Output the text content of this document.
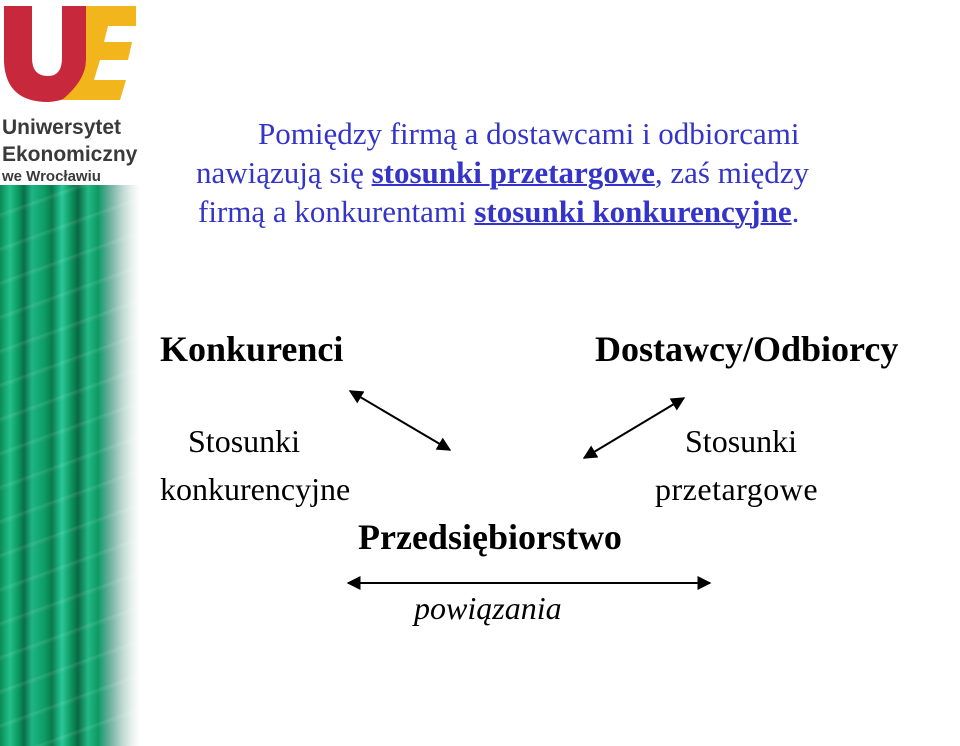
Uniwersytet
Ekonomiczny
we Wrocławiu

Pomiędzy firmą a dostawcami i odbiorcami
nawiązują się stosunki przetargowe, zaś między
firmą a konkurentami stosunki konkurencyjne.

Konkurenci	Dostawcy/Odbiorcy
Stosunki
konkurencyjne
Stosunki
przetargowe
Przedsiębiorstwo
powiązania
